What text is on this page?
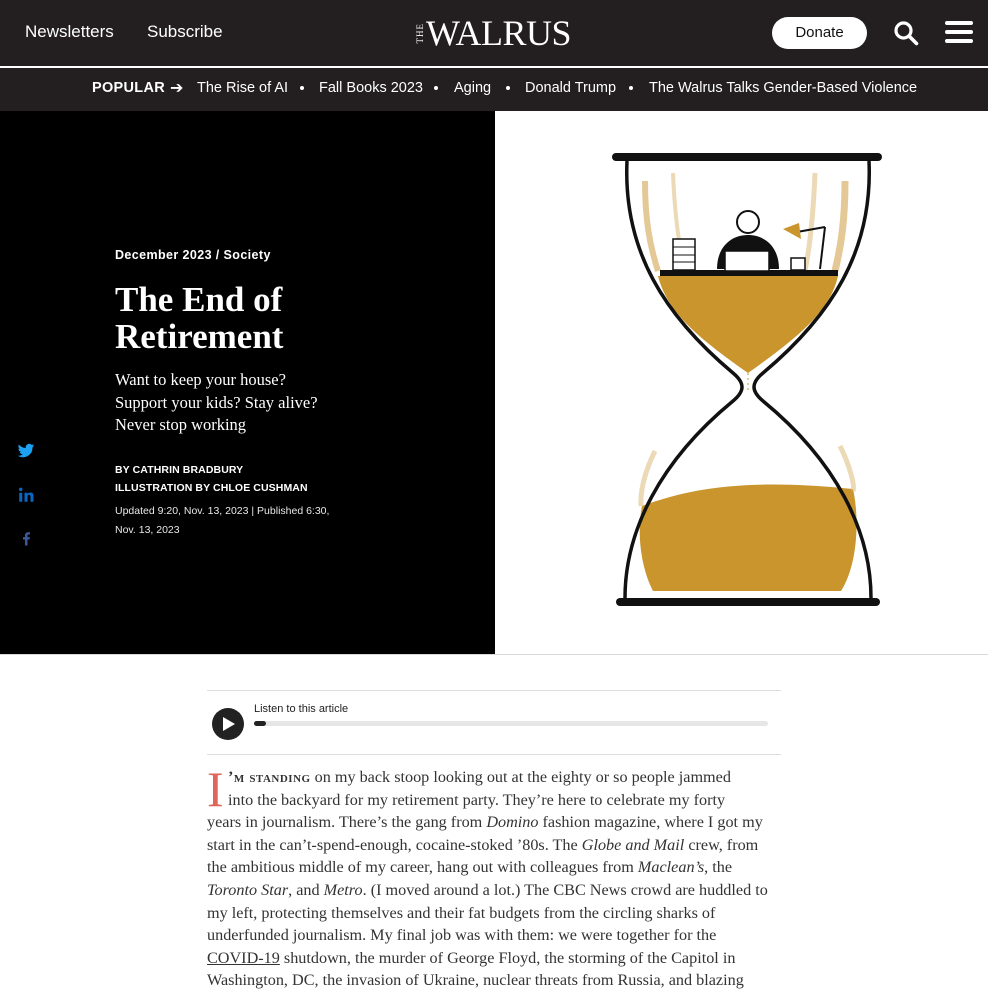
Newsletters Subscribe	THE WALRUS	Donate
POPULAR ➔ The Rise of AI Fall Books 2023 Aging Donald Trump The Walrus Talks Gender-Based Violence
December 2023 / Society
The End of
Retirement
Want to keep your house?
Support your kids? Stay alive?
Never stop working
BY CATHRIN BRADBURY
ILLUSTRATION BY CHLOE CUSHMAN
Updated 9:20, Nov. 13, 2023 | Published 6:30,
Nov. 13, 2023
Listen to this article
I ’m standing on my back stoop looking out at the eighty or so people jammed
into the backyard for my retirement party. They’re here to celebrate my forty
years in journalism. There’s the gang from Domino fashion magazine, where I got my
start in the can’t-spend-enough, cocaine-stoked ’80s. The Globe and Mail crew, from
the ambitious middle of my career, hang out with colleagues from Maclean’s, the
Toronto Star, and Metro. (I moved around a lot.) The CBC News crowd are huddled to
my left, protecting themselves and their fat budgets from the circling sharks of
underfunded journalism. My final job was with them: we were together for the
COVID-19 shutdown, the murder of George Floyd, the storming of the Capitol in
Washington, DC, the invasion of Ukraine, nuclear threats from Russia, and blazing
